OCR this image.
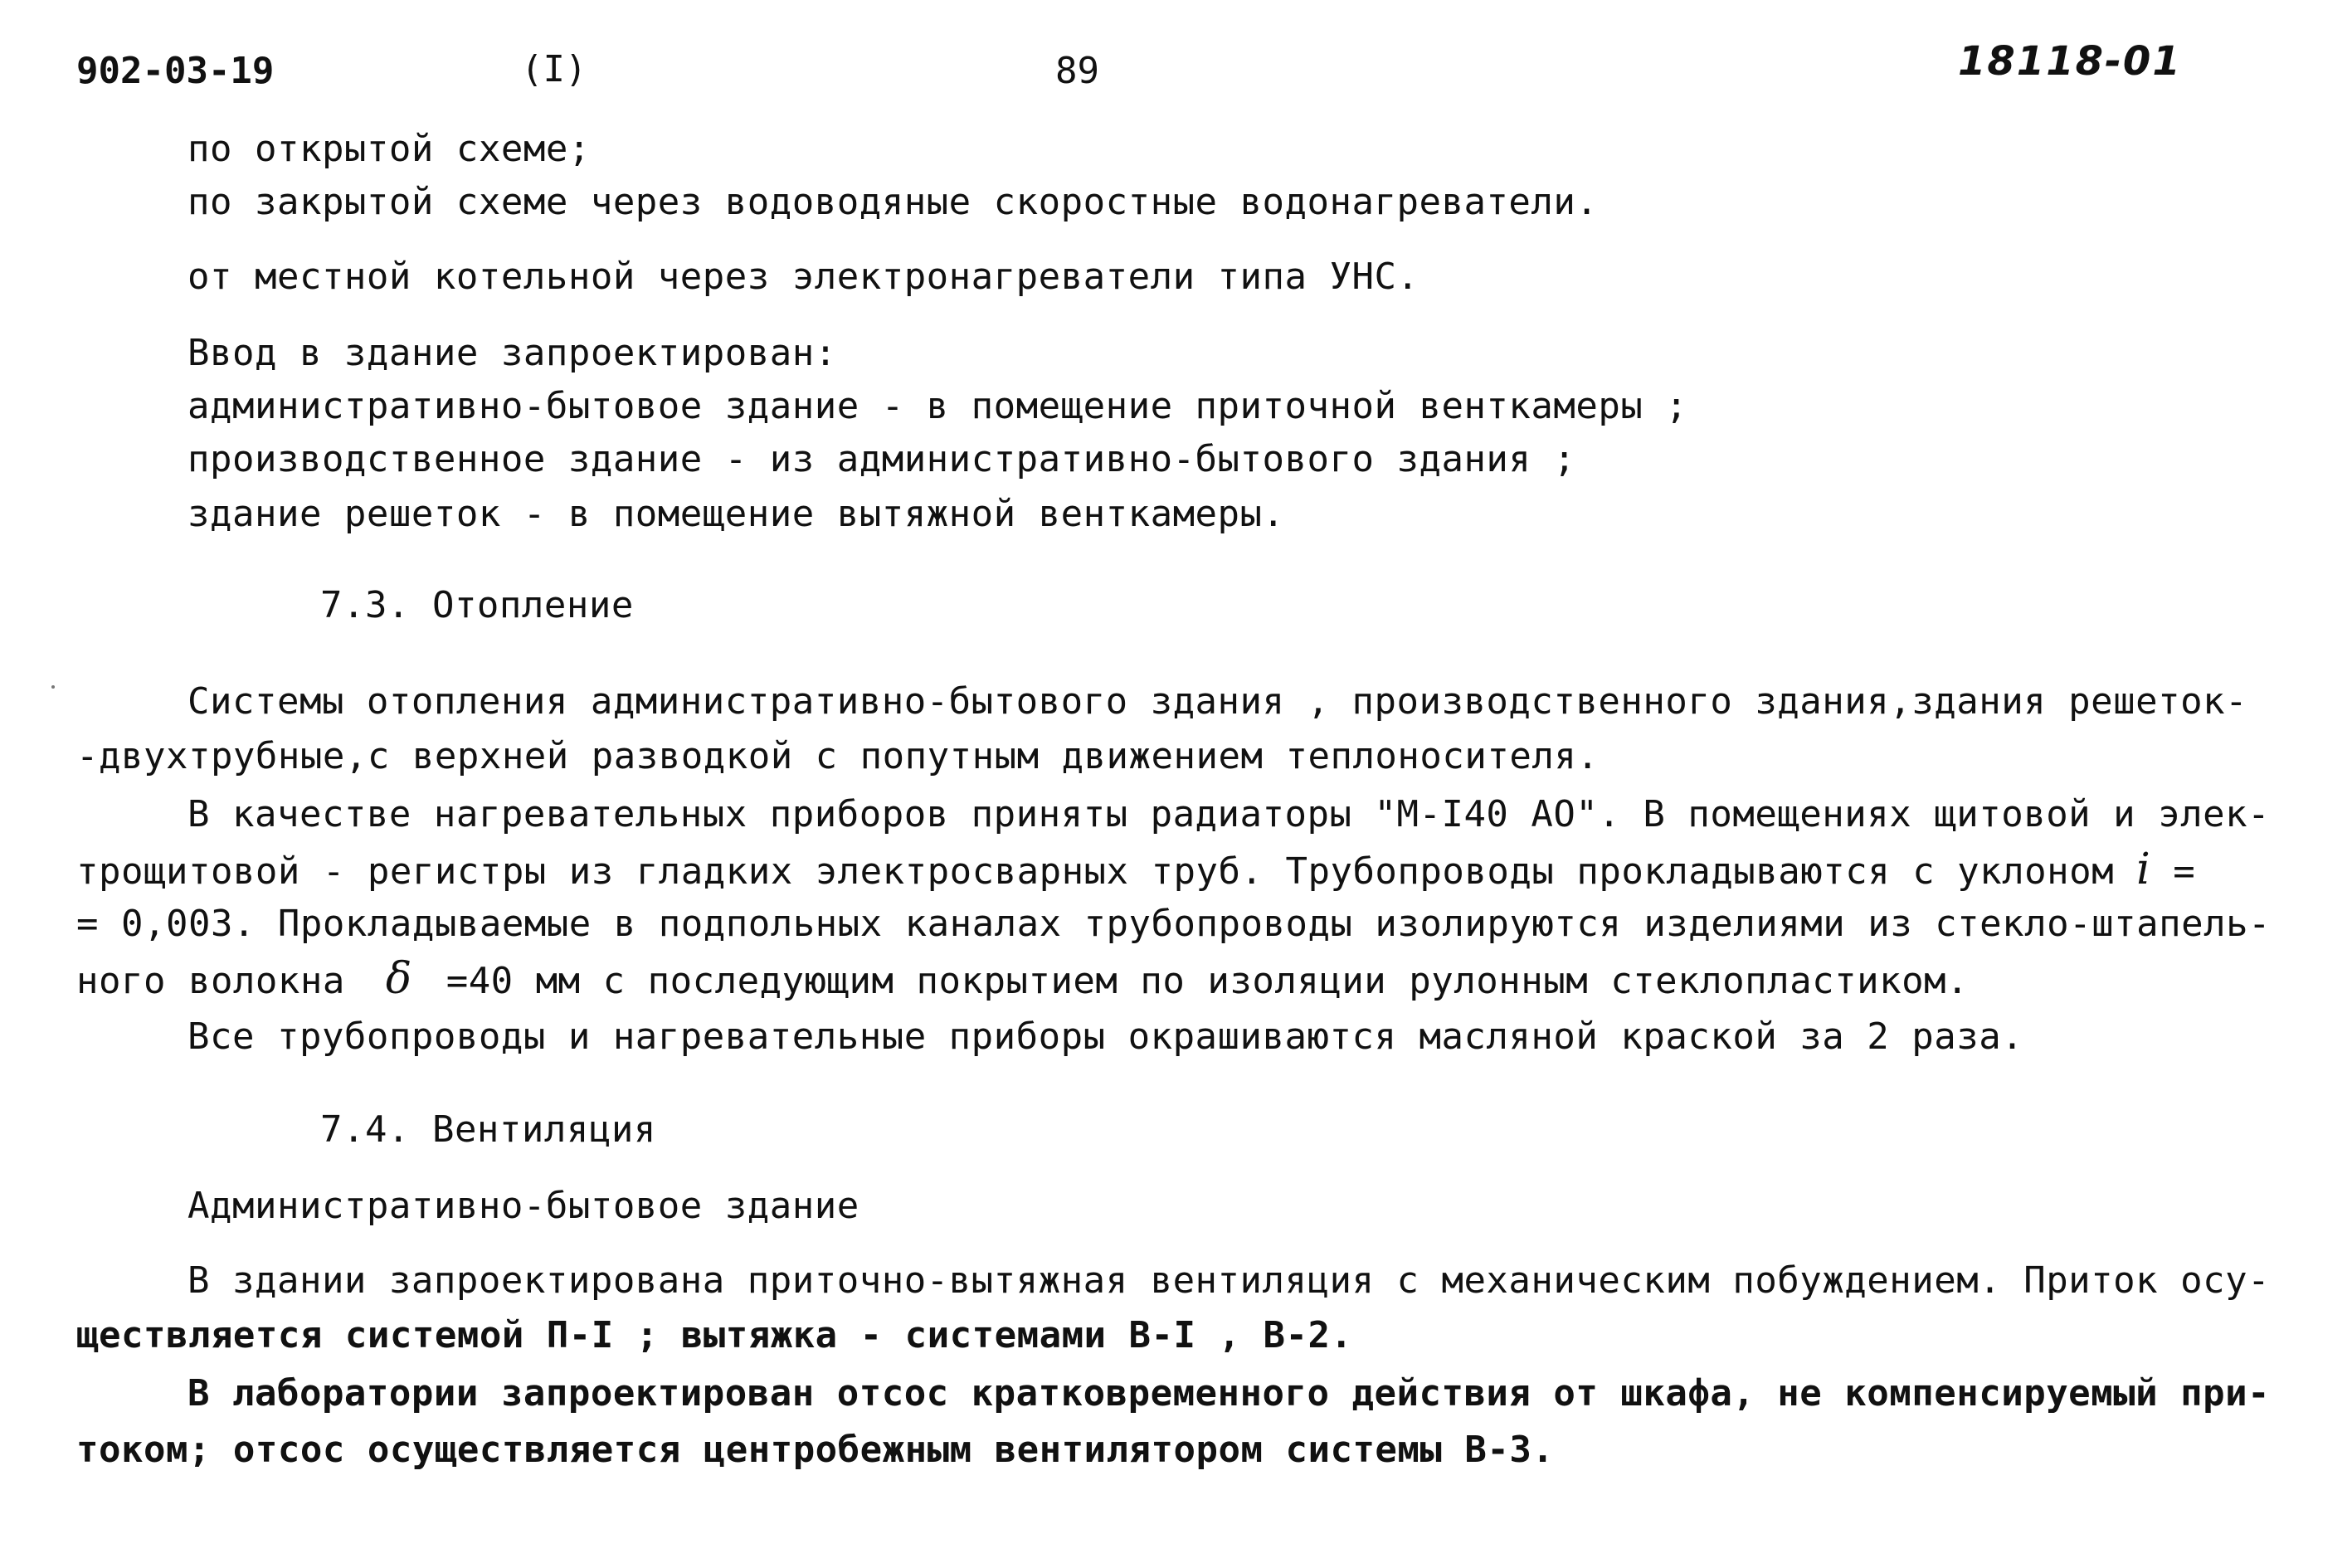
902-03-19	(I)	89	18118-01
по открытой схеме;
по закрытой схеме через водоводяные скоростные водонагреватели.
от местной котельной через электронагреватели типа УНС.
Ввод в здание запроектирован:
административно-бытовое здание - в помещение приточной венткамеры ;
производственное здание - из административно-бытового здания ;
здание решеток - в помещение вытяжной венткамеры.
7.3. Отопление
Системы отопления административно-бытового здания , производственного здания,здания решеток-
-двухтрубные,с верхней разводкой с попутным движением теплоносителя.
В качестве нагревательных приборов приняты радиаторы "М-I40 АО". В помещениях щитовой и элек-
трощитовой - регистры из гладких электросварных труб. Трубопроводы прокладываются с уклоном i =
= 0,003. Прокладываемые в подпольных каналах трубопроводы изолируются изделиями из стекло-штапель-
ного волокна δ =40 мм с последующим покрытием по изоляции рулонным стеклопластиком.
Все трубопроводы и нагревательные приборы окрашиваются масляной краской за 2 раза.
7.4. Вентиляция
Административно-бытовое здание
В здании запроектирована приточно-вытяжная вентиляция с механическим побуждением. Приток осу-
ществляется системой П-I ; вытяжка - системами В-I , В-2.
В лаборатории запроектирован отсос кратковременного действия от шкафа, не компенсируемый при-
током; отсос осуществляется центробежным вентилятором системы В-3.
